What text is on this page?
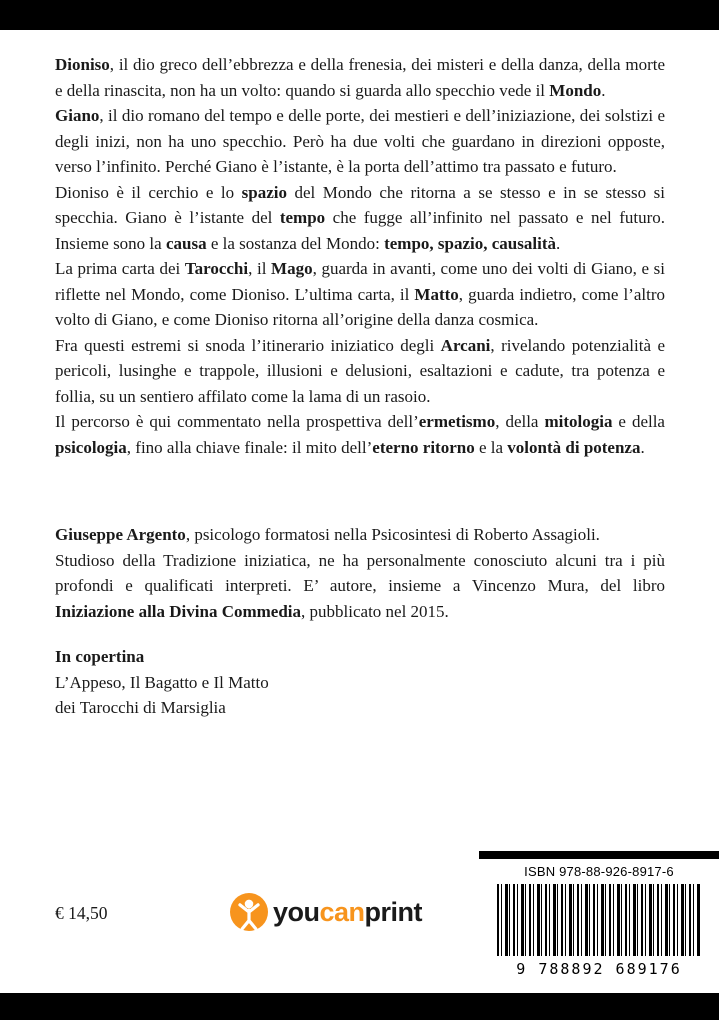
Dioniso, il dio greco dell’ebbrezza e della frenesia, dei misteri e della danza, della morte e della rinascita, non ha un volto: quando si guarda allo specchio vede il Mondo.

Giano, il dio romano del tempo e delle porte, dei mestieri e dell’iniziazione, dei solstizi e degli inizi, non ha uno specchio. Però ha due volti che guardano in direzioni opposte, verso l’infinito. Perché Giano è l’istante, è la porta dell’attimo tra passato e futuro.

Dioniso è il cerchio e lo spazio del Mondo che ritorna a se stesso e in se stesso si specchia. Giano è l’istante del tempo che fugge all’infinito nel passato e nel futuro. Insieme sono la causa e la sostanza del Mondo: tempo, spazio, causalità.

La prima carta dei Tarocchi, il Mago, guarda in avanti, come uno dei volti di Giano, e si riflette nel Mondo, come Dioniso. L’ultima carta, il Matto, guarda indietro, come l’altro volto di Giano, e come Dioniso ritorna all’origine della danza cosmica.

Fra questi estremi si snoda l’itinerario iniziatico degli Arcani, rivelando potenzialità e pericoli, lusinghe e trappole, illusioni e delusioni, esaltazioni e cadute, tra potenza e follia, su un sentiero affilato come la lama di un rasoio.

Il percorso è qui commentato nella prospettiva dell’ermetismo, della mitologia e della psicologia, fino alla chiave finale: il mito dell’eterno ritorno e la volontà di potenza.

Giuseppe Argento, psicologo formatosi nella Psicosintesi di Roberto Assagioli.

Studioso della Tradizione iniziatica, ne ha personalmente conosciuto alcuni tra i più profondi e qualificati interpreti. E’ autore, insieme a Vincenzo Mura, del libro Iniziazione alla Divina Commedia, pubblicato nel 2015.

In copertina

L’Appeso, Il Bagatto e Il Matto

dei Tarocchi di Marsiglia

€ 14,50	youcanprint
ISBN 978-88-926-8917-6
9 788892 689176
